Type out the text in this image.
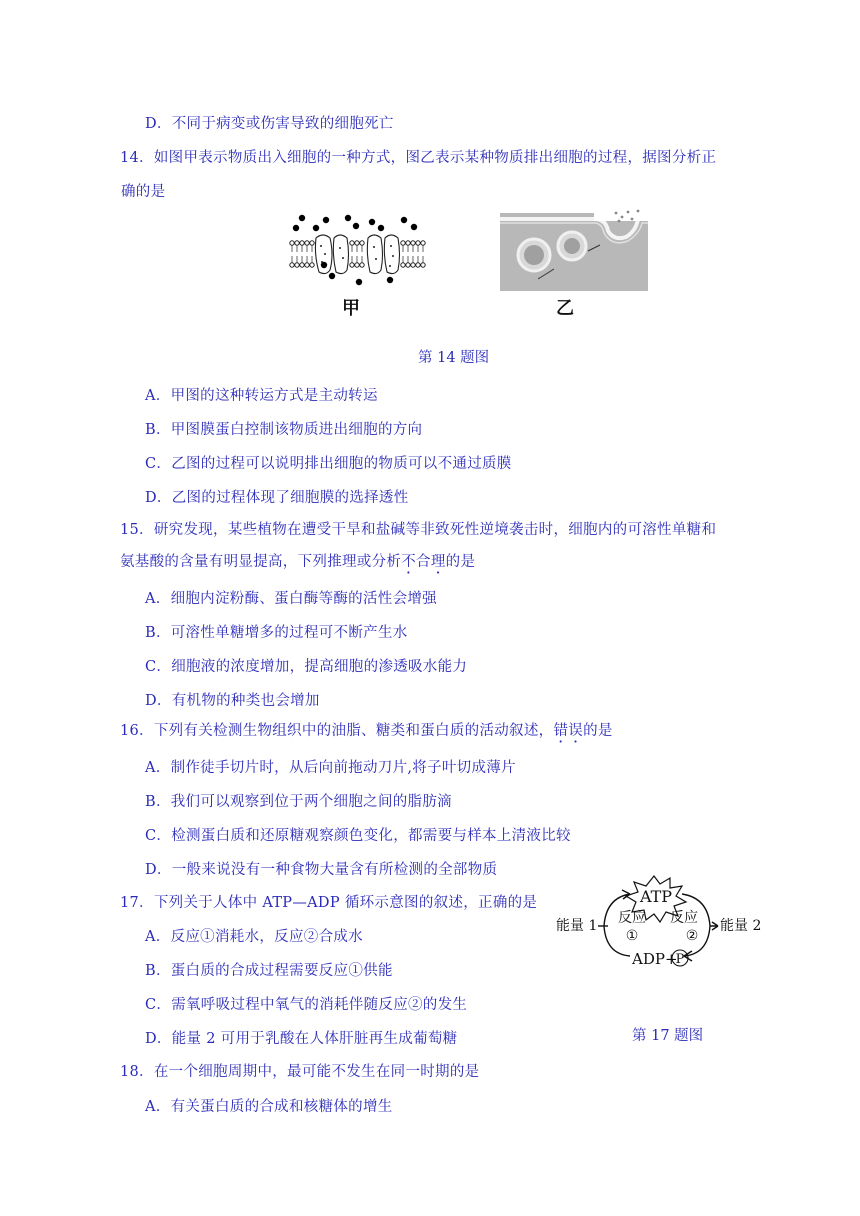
D．不同于病变或伤害导致的细胞死亡
14．如图甲表示物质出入细胞的一种方式，图乙表示某种物质排出细胞的过程，据图分析正
确的是
甲	乙
第 14 题图
A．甲图的这种转运方式是主动转运
B．甲图膜蛋白控制该物质进出细胞的方向
C．乙图的过程可以说明排出细胞的物质可以不通过质膜
D．乙图的过程体现了细胞膜的选择透性
15．研究发现，某些植物在遭受干旱和盐碱等非致死性逆境袭击时，细胞内的可溶性单糖和
氨基酸的含量有明显提高，下列推理或分析不合理的是
A．细胞内淀粉酶、蛋白酶等酶的活性会增强
B．可溶性单糖增多的过程可不断产生水
C．细胞液的浓度增加，提高细胞的渗透吸水能力
D．有机物的种类也会增加
16．下列有关检测生物组织中的油脂、糖类和蛋白质的活动叙述，错误的是
A．制作徒手切片时，从后向前拖动刀片,将子叶切成薄片
B．我们可以观察到位于两个细胞之间的脂肪滴
C．检测蛋白质和还原糖观察颜色变化，都需要与样本上清液比较
D．一般来说没有一种食物大量含有所检测的全部物质
17．下列关于人体中 ATP—ADP 循环示意图的叙述，正确的是
A．反应①消耗水，反应②合成水
B．蛋白质的合成过程需要反应①供能
C．需氧呼吸过程中氧气的消耗伴随反应②的发生
D．能量 2 可用于乳酸在人体肝脏再生成葡萄糖
ATP
反应
①
反应
②
能量 1	能量 2
ADP+
P
第 17 题图
18．在一个细胞周期中，最可能不发生在同一时期的是
A．有关蛋白质的合成和核糖体的增生
